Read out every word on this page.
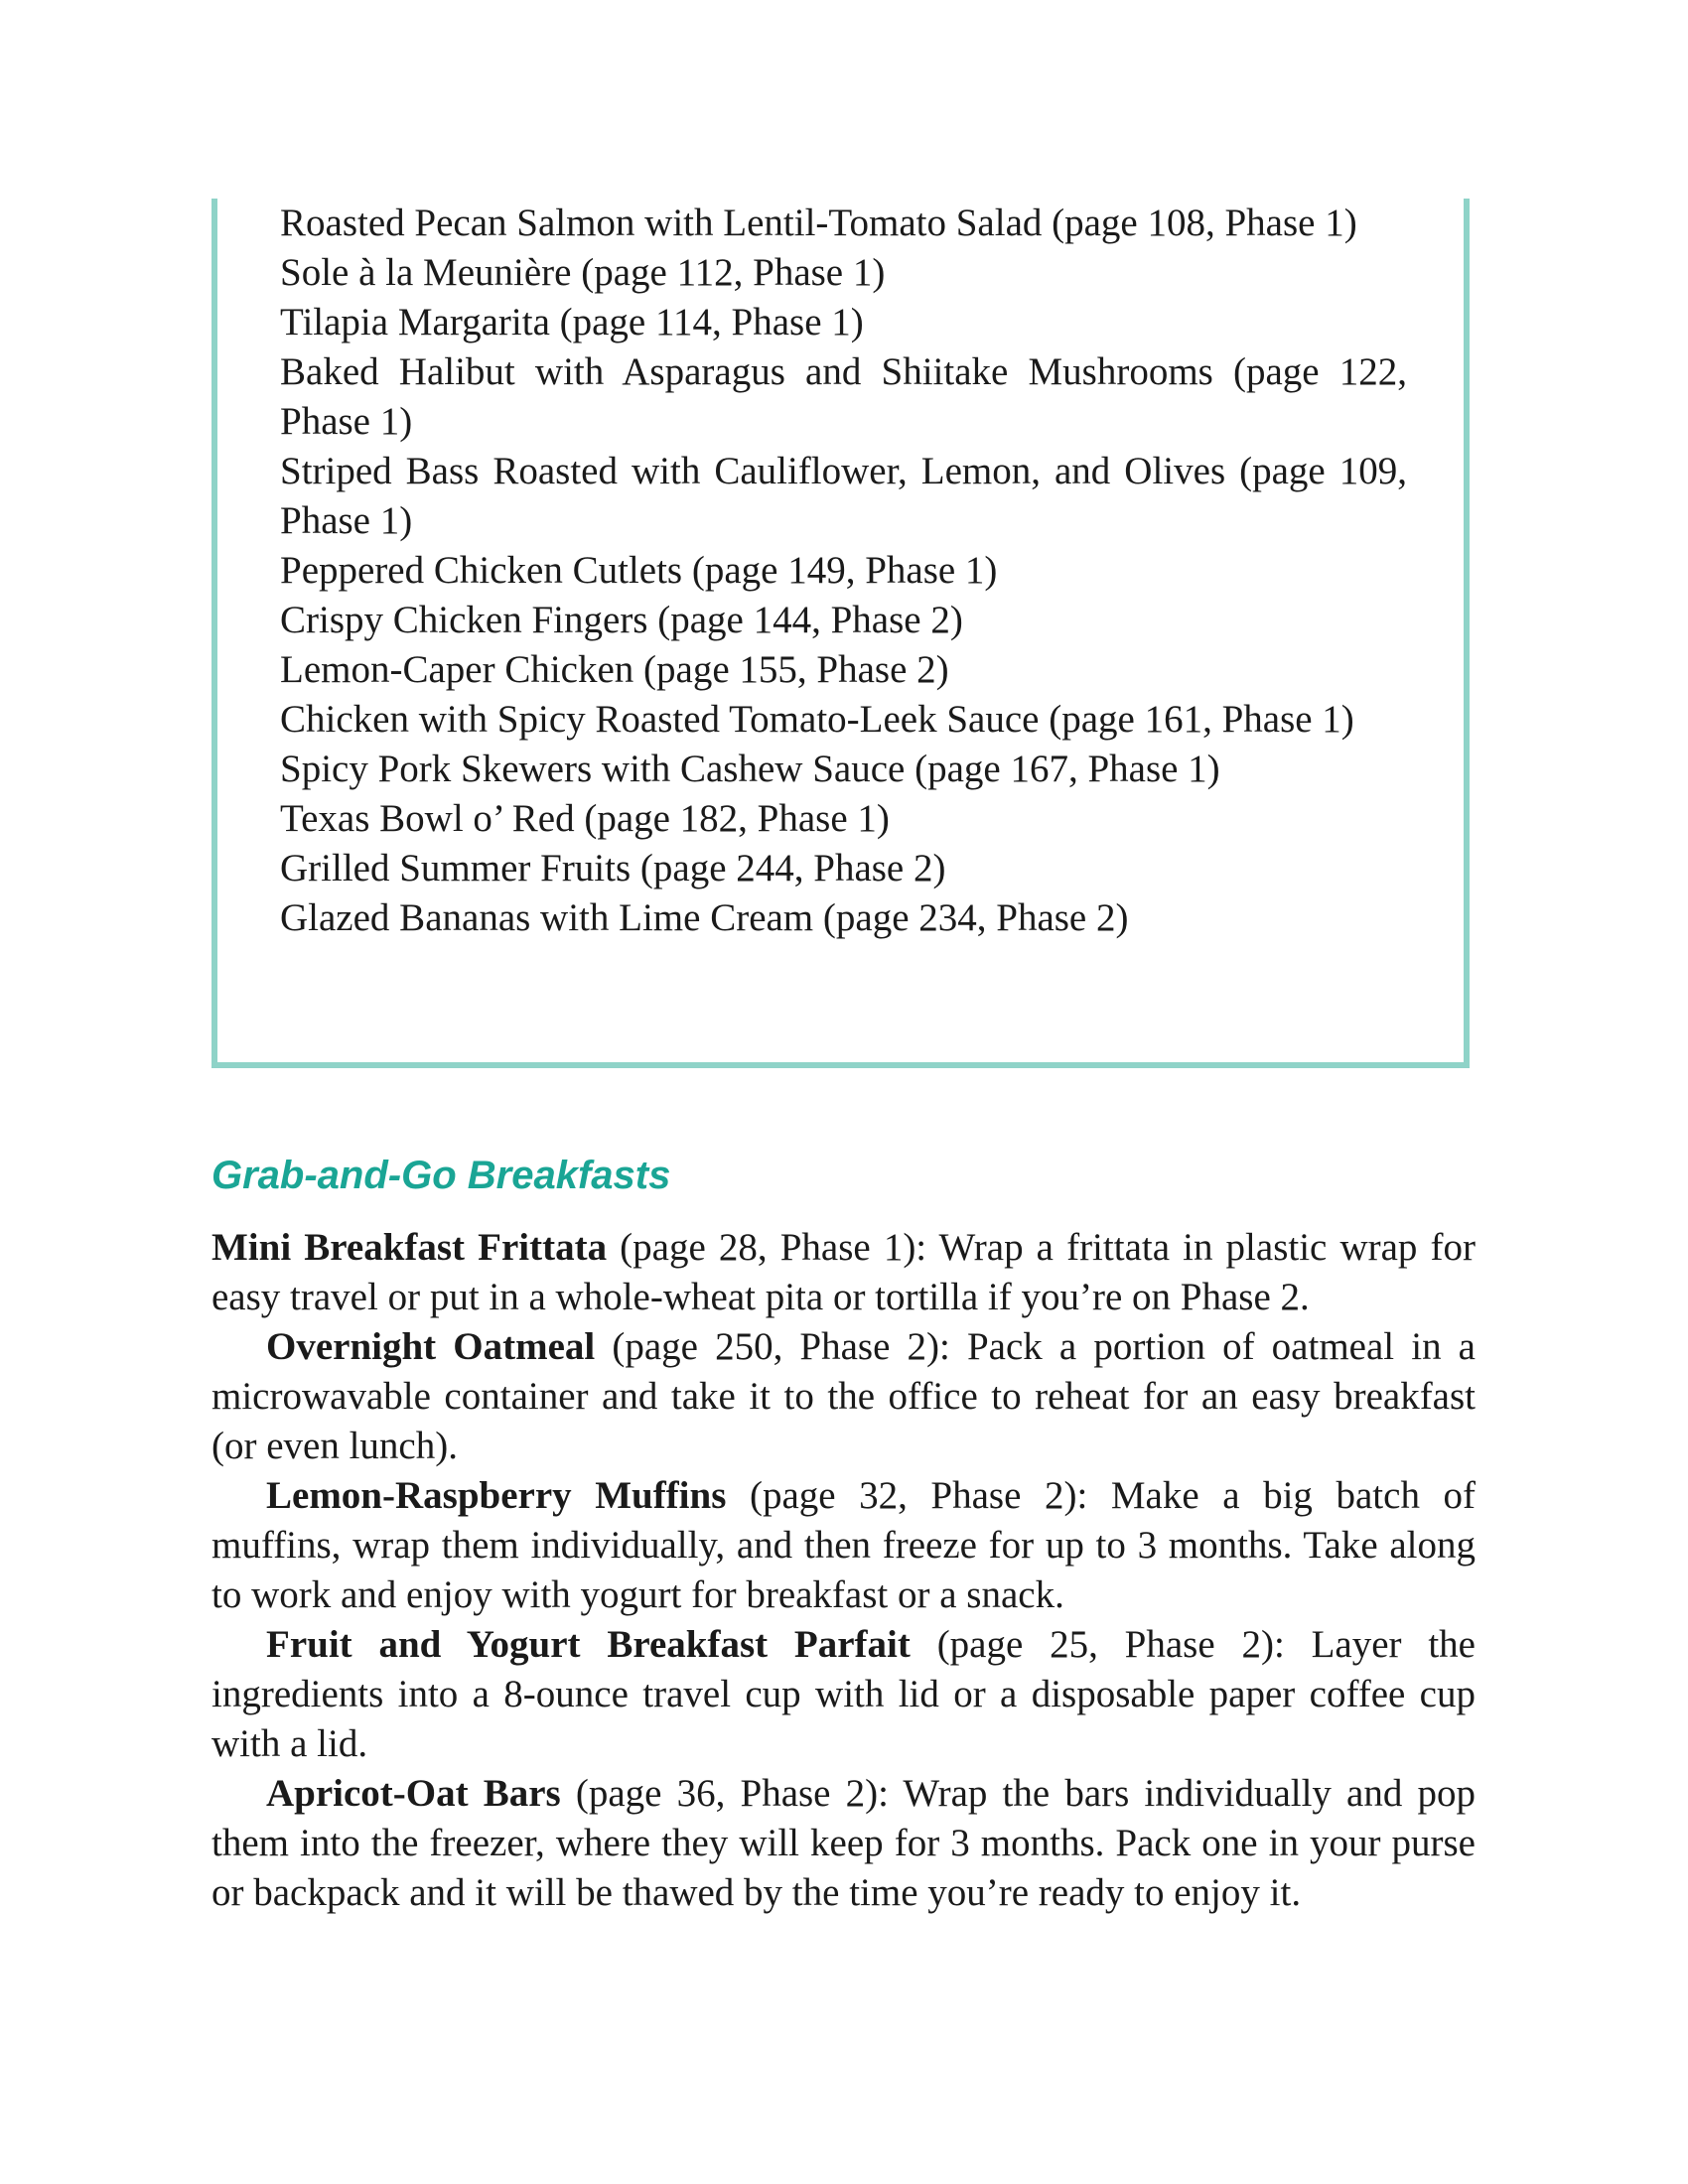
Roasted Pecan Salmon with Lentil-Tomato Salad (page 108, Phase 1)
Sole à la Meunière (page 112, Phase 1)
Tilapia Margarita (page 114, Phase 1)
Baked Halibut with Asparagus and Shiitake Mushrooms (page 122, Phase 1)
Striped Bass Roasted with Cauliflower, Lemon, and Olives (page 109, Phase 1)
Peppered Chicken Cutlets (page 149, Phase 1)
Crispy Chicken Fingers (page 144, Phase 2)
Lemon-Caper Chicken (page 155, Phase 2)
Chicken with Spicy Roasted Tomato-Leek Sauce (page 161, Phase 1)
Spicy Pork Skewers with Cashew Sauce (page 167, Phase 1)
Texas Bowl o’ Red (page 182, Phase 1)
Grilled Summer Fruits (page 244, Phase 2)
Glazed Bananas with Lime Cream (page 234, Phase 2)
Grab-and-Go Breakfasts

Mini Breakfast Frittata (page 28, Phase 1): Wrap a frittata in plastic wrap for easy travel or put in a whole-wheat pita or tortilla if you’re on Phase 2.

Overnight Oatmeal (page 250, Phase 2): Pack a portion of oatmeal in a microwavable container and take it to the office to reheat for an easy breakfast (or even lunch).

Lemon-Raspberry Muffins (page 32, Phase 2): Make a big batch of muffins, wrap them individually, and then freeze for up to 3 months. Take along to work and enjoy with yogurt for breakfast or a snack.

Fruit and Yogurt Breakfast Parfait (page 25, Phase 2): Layer the ingredients into a 8-ounce travel cup with lid or a disposable paper coffee cup with a lid.

Apricot-Oat Bars (page 36, Phase 2): Wrap the bars individually and pop them into the freezer, where they will keep for 3 months. Pack one in your purse or backpack and it will be thawed by the time you’re ready to enjoy it.
